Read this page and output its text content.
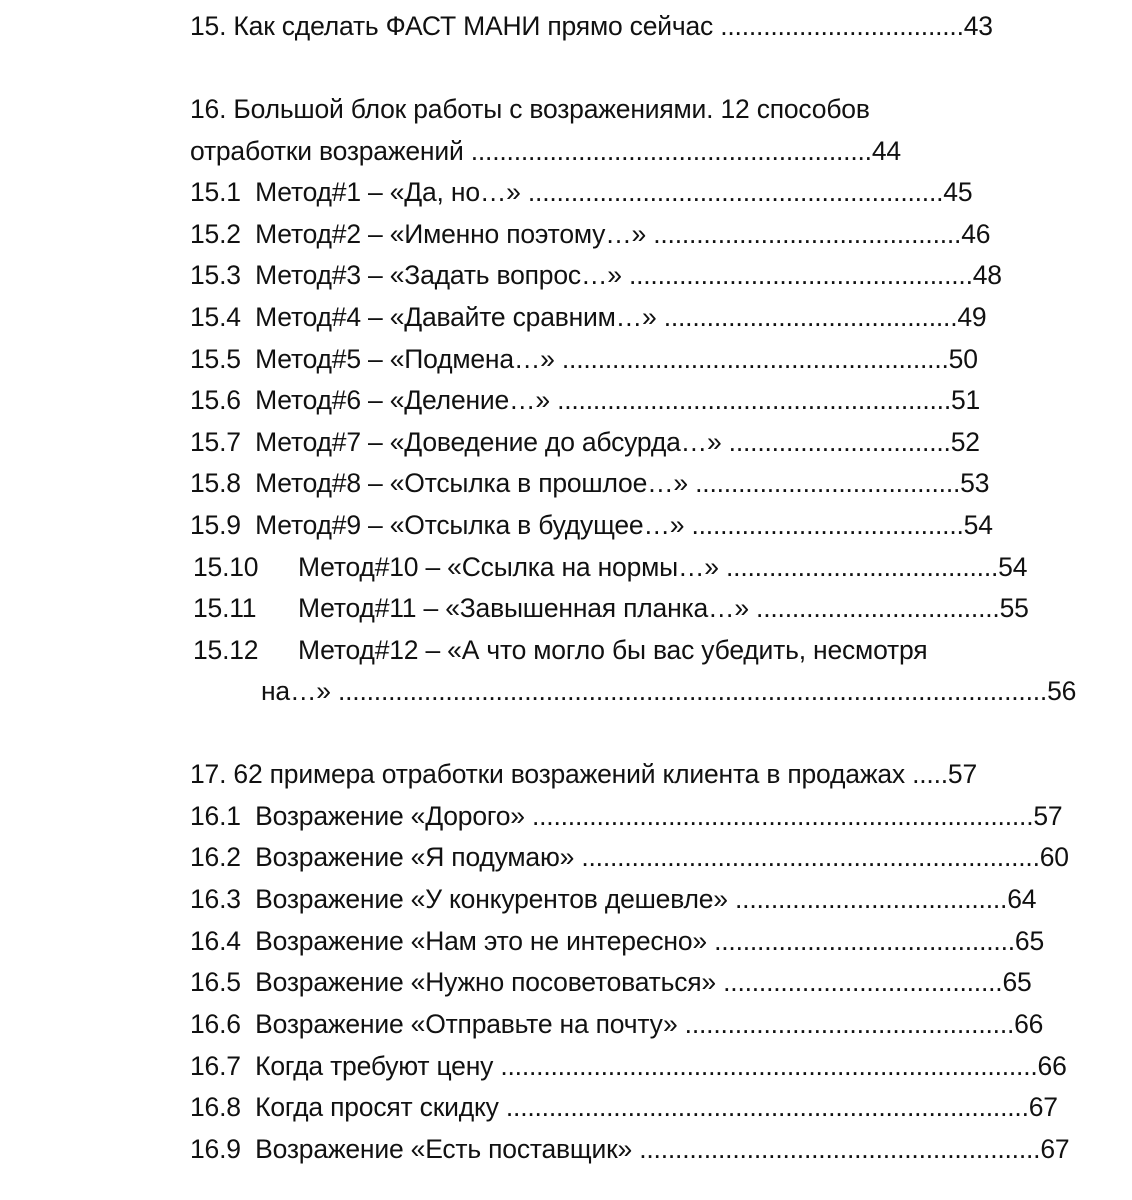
15. Как сделать ФАСТ МАНИ прямо сейчас ..................................43
16. Большой блок работы с возражениями. 12 способов
отработки возражений ........................................................44
15.1 Метод#1 – «Да, но…» ..........................................................45
15.2 Метод#2 – «Именно поэтому…» ...........................................46
15.3 Метод#3 – «Задать вопрос…» ................................................48
15.4 Метод#4 – «Давайте сравним…» .........................................49
15.5 Метод#5 – «Подмена…» ......................................................50
15.6 Метод#6 – «Деление…» .......................................................51
15.7 Метод#7 – «Доведение до абсурда…» ...............................52
15.8 Метод#8 – «Отсылка в прошлое…» .....................................53
15.9 Метод#9 – «Отсылка в будущее…» ......................................54
15.10 Метод#10 – «Ссылка на нормы…» ......................................54
15.11 Метод#11 – «Завышенная планка…» ..................................55
15.12 Метод#12 – «А что могло бы вас убедить, несмотря
на…» ...................................................................................................56
17. 62 примера отработки возражений клиента в продажах .....57
16.1 Возражение «Дорого» ......................................................................57
16.2 Возражение «Я подумаю» ................................................................60
16.3 Возражение «У конкурентов дешевле» ......................................64
16.4 Возражение «Нам это не интересно» ..........................................65
16.5 Возражение «Нужно посоветоваться» .......................................65
16.6 Возражение «Отправьте на почту» ..............................................66
16.7 Когда требуют цену ...........................................................................66
16.8 Когда просят скидку .........................................................................67
16.9 Возражение «Есть поставщик» ........................................................67
